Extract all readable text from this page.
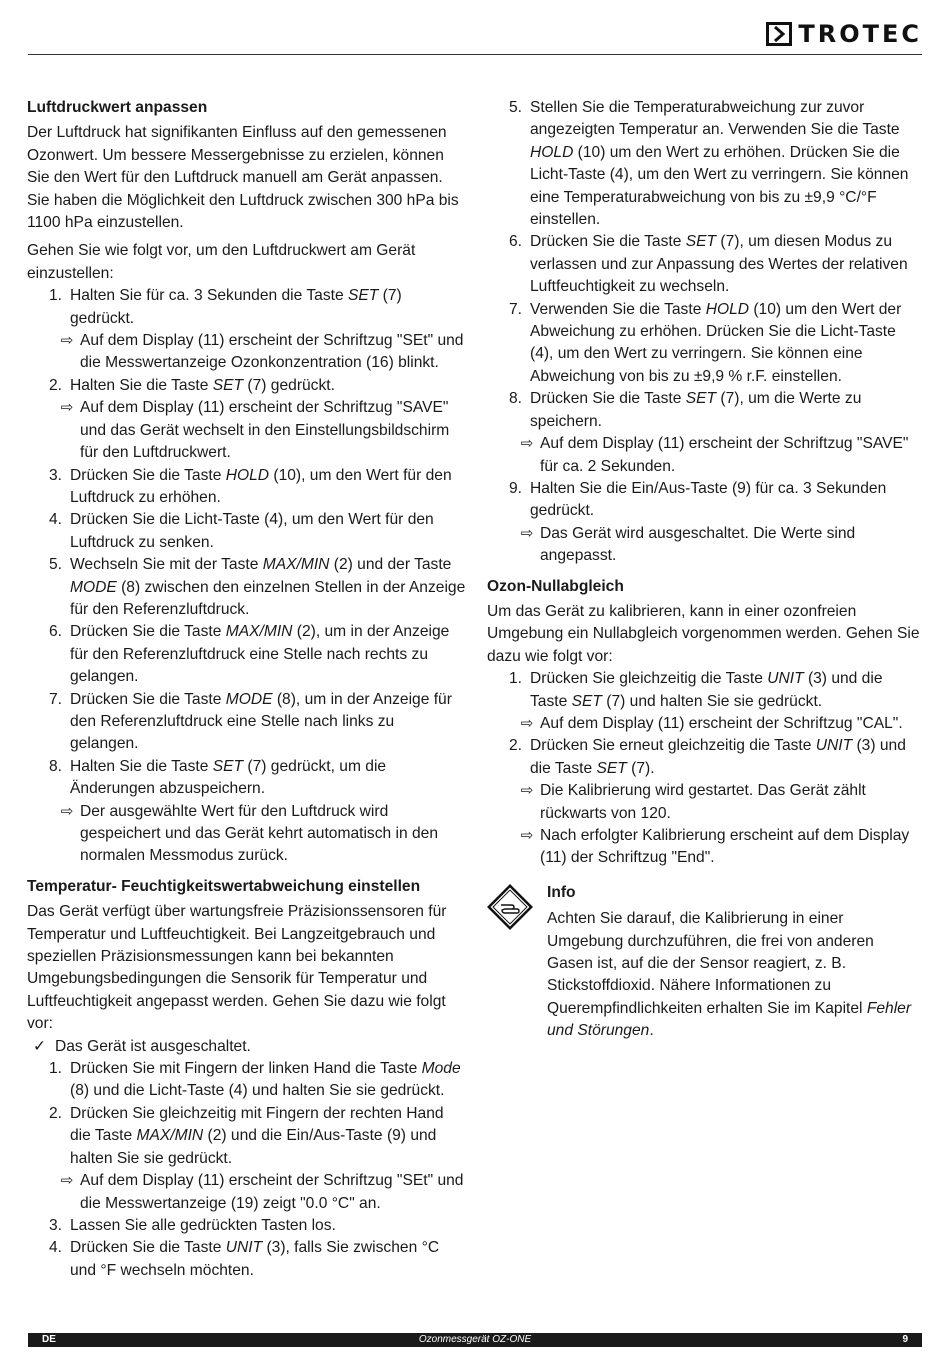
TROTEC
Luftdruckwert anpassen

Der Luftdruck hat signifikanten Einfluss auf den gemessenen Ozonwert. Um bessere Messergebnisse zu erzielen, können Sie den Wert für den Luftdruck manuell am Gerät anpassen. Sie haben die Möglichkeit den Luftdruck zwischen 300 hPa bis 1100 hPa einzustellen.

Gehen Sie wie folgt vor, um den Luftdruckwert am Gerät einzustellen:

1. Halten Sie für ca. 3 Sekunden die Taste SET (7) gedrückt.
⇨ Auf dem Display (11) erscheint der Schriftzug "SEt" und die Messwertanzeige Ozonkonzentration (16) blinkt.
2. Halten Sie die Taste SET (7) gedrückt.
⇨ Auf dem Display (11) erscheint der Schriftzug "SAVE" und das Gerät wechselt in den Einstellungsbildschirm für den Luftdruckwert.
3. Drücken Sie die Taste HOLD (10), um den Wert für den Luftdruck zu erhöhen.
4. Drücken Sie die Licht-Taste (4), um den Wert für den Luftdruck zu senken.
5. Wechseln Sie mit der Taste MAX/MIN (2) und der Taste MODE (8) zwischen den einzelnen Stellen in der Anzeige für den Referenzluftdruck.
6. Drücken Sie die Taste MAX/MIN (2), um in der Anzeige für den Referenzluftdruck eine Stelle nach rechts zu gelangen.
7. Drücken Sie die Taste MODE (8), um in der Anzeige für den Referenzluftdruck eine Stelle nach links zu gelangen.
8. Halten Sie die Taste SET (7) gedrückt, um die Änderungen abzuspeichern.
⇨ Der ausgewählte Wert für den Luftdruck wird gespeichert und das Gerät kehrt automatisch in den normalen Messmodus zurück.
Temperatur- Feuchtigkeitswertabweichung einstellen

Das Gerät verfügt über wartungsfreie Präzisionssensoren für Temperatur und Luftfeuchtigkeit. Bei Langzeitgebrauch und speziellen Präzisionsmessungen kann bei bekannten Umgebungsbedingungen die Sensorik für Temperatur und Luftfeuchtigkeit angepasst werden. Gehen Sie dazu wie folgt vor:

✓ Das Gerät ist ausgeschaltet.
1. Drücken Sie mit Fingern der linken Hand die Taste Mode (8) und die Licht-Taste (4) und halten Sie sie gedrückt.
2. Drücken Sie gleichzeitig mit Fingern der rechten Hand die Taste MAX/MIN (2) und die Ein/Aus-Taste (9) und halten Sie sie gedrückt.
⇨ Auf dem Display (11) erscheint der Schriftzug "SEt" und die Messwertanzeige (19) zeigt "0.0 °C" an.
3. Lassen Sie alle gedrückten Tasten los.
4. Drücken Sie die Taste UNIT (3), falls Sie zwischen °C und °F wechseln möchten.
5. Stellen Sie die Temperaturabweichung zur zuvor angezeigten Temperatur an. Verwenden Sie die Taste HOLD (10) um den Wert zu erhöhen. Drücken Sie die Licht-Taste (4), um den Wert zu verringern. Sie können eine Temperaturabweichung von bis zu ±9,9 °C/°F einstellen.
6. Drücken Sie die Taste SET (7), um diesen Modus zu verlassen und zur Anpassung des Wertes der relativen Luftfeuchtigkeit zu wechseln.
7. Verwenden Sie die Taste HOLD (10) um den Wert der Abweichung zu erhöhen. Drücken Sie die Licht-Taste (4), um den Wert zu verringern. Sie können eine Abweichung von bis zu ±9,9 % r.F. einstellen.
8. Drücken Sie die Taste SET (7), um die Werte zu speichern.
⇨ Auf dem Display (11) erscheint der Schriftzug "SAVE" für ca. 2 Sekunden.
9. Halten Sie die Ein/Aus-Taste (9) für ca. 3 Sekunden gedrückt.
⇨ Das Gerät wird ausgeschaltet. Die Werte sind angepasst.
Ozon-Nullabgleich

Um das Gerät zu kalibrieren, kann in einer ozonfreien Umgebung ein Nullabgleich vorgenommen werden. Gehen Sie dazu wie folgt vor:

1. Drücken Sie gleichzeitig die Taste UNIT (3) und die Taste SET (7) und halten Sie sie gedrückt.
⇨ Auf dem Display (11) erscheint der Schriftzug "CAL".
2. Drücken Sie erneut gleichzeitig die Taste UNIT (3) und die Taste SET (7).
⇨ Die Kalibrierung wird gestartet. Das Gerät zählt rückwarts von 120.
⇨ Nach erfolgter Kalibrierung erscheint auf dem Display (11) der Schriftzug "End".
Info
Achten Sie darauf, die Kalibrierung in einer Umgebung durchzuführen, die frei von anderen Gasen ist, auf die der Sensor reagiert, z. B. Stickstoffdioxid. Nähere Informationen zu Querempfindlichkeiten erhalten Sie im Kapitel Fehler und Störungen.
DE	Ozonmessgerät OZ-ONE	9
